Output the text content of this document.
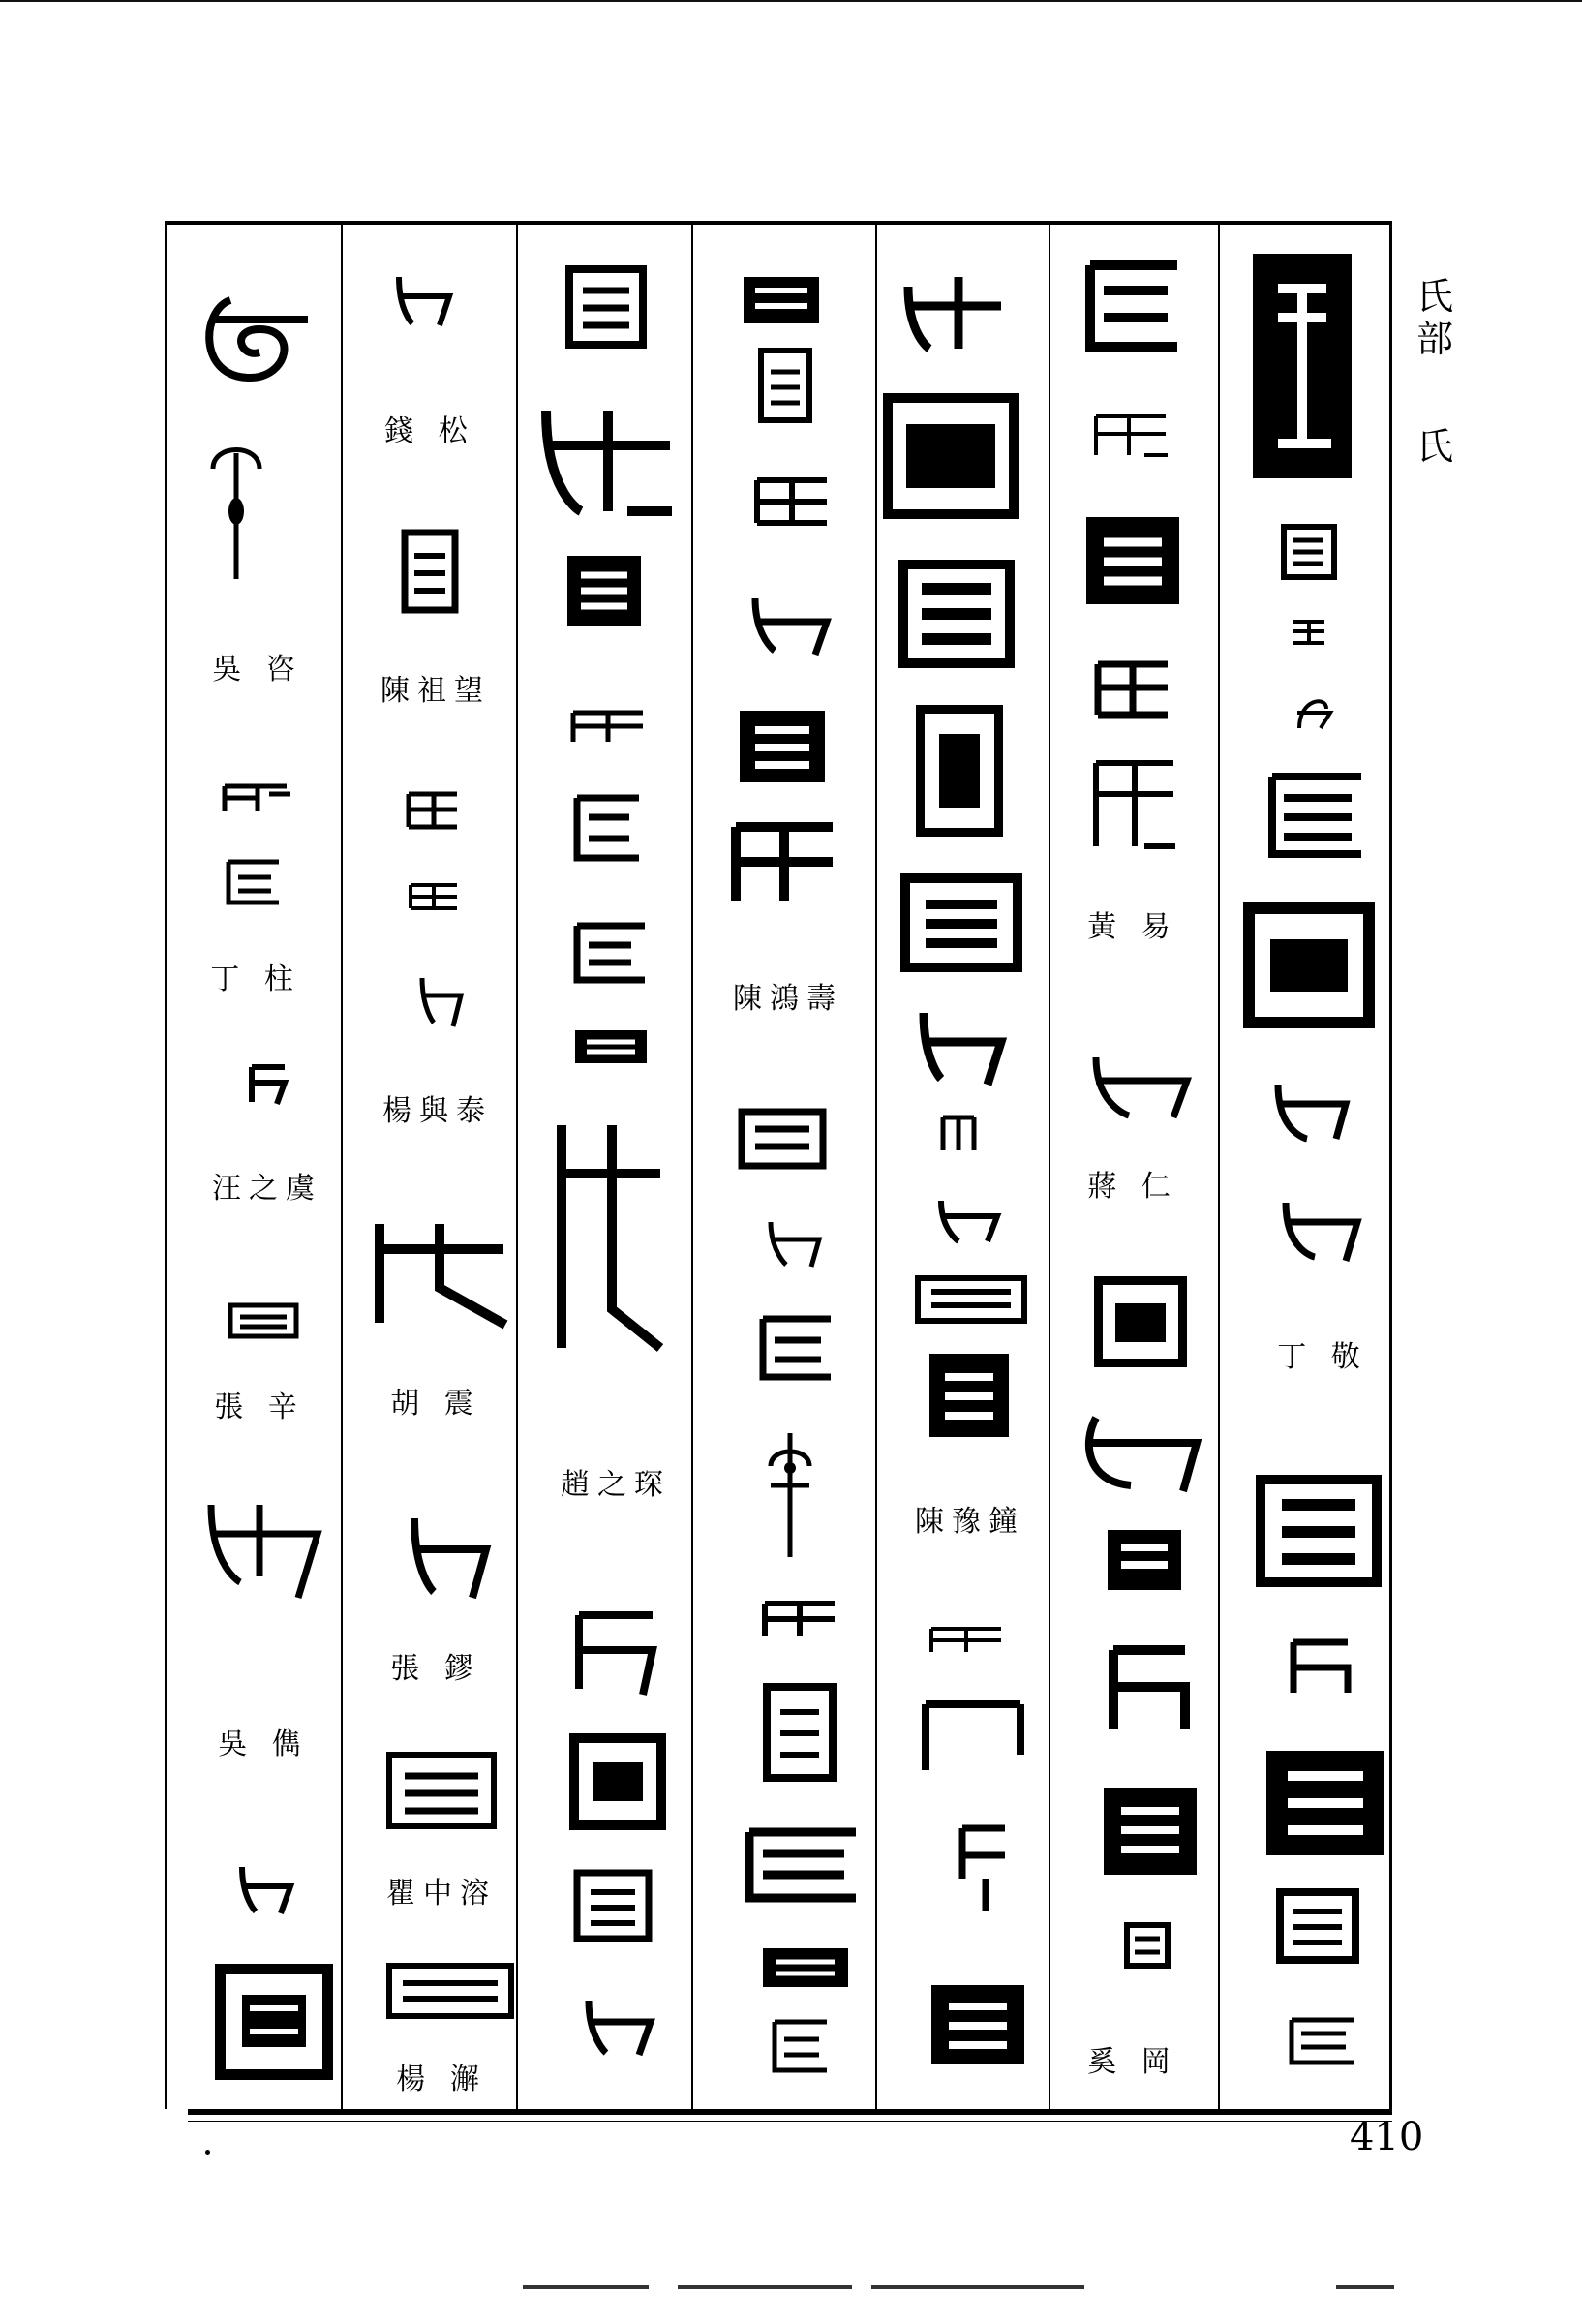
氏部
氏
丁 敬
黃 易
蔣 仁
奚 岡
陳豫鐘
陳鴻壽
趙之琛
錢 松
陳祖望
楊與泰
胡 震
張 鏐
瞿中溶
楊 澥
吳 咨
丁 柱
汪之虞
張 辛
吳 儁
410
